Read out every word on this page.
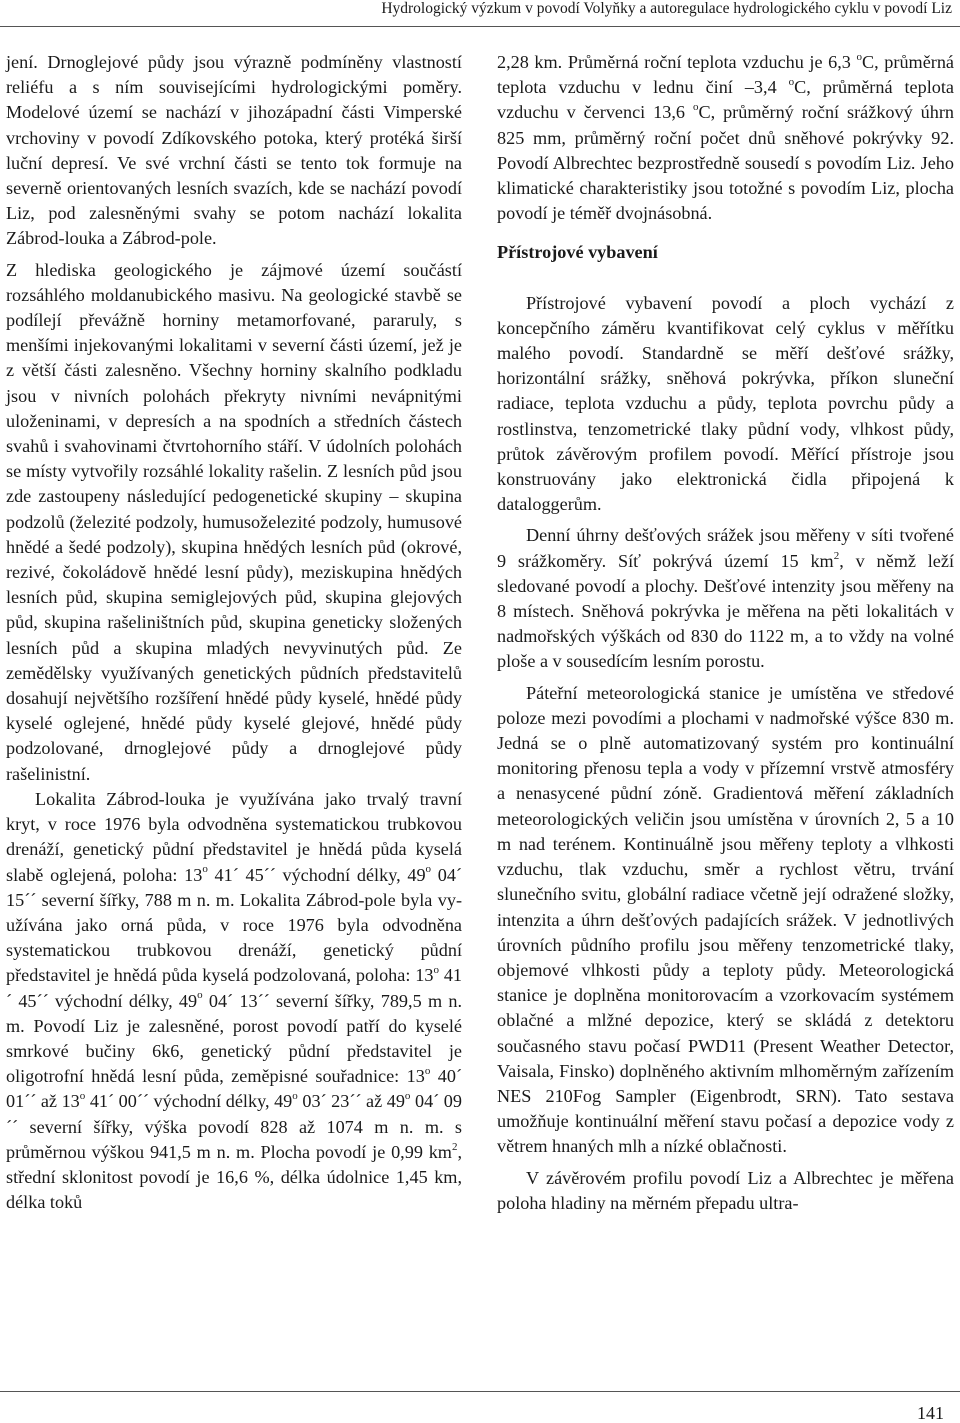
Hydrologický výzkum v povodí Volyňky a autoregulace hydrologického cyklu v povodí Liz

jení. Drnoglejové půdy jsou výrazně podmíněny vlastností reliéfu a s ním souvisejícími hydrologickými poměry. Modelové území se nachází v jihozápadní části Vimperské vrchoviny v povodí Zdíkovského potoka, který protéká širší luční depresí. Ve své vrchní části se tento tok formuje na severně orientovaných lesních svazích, kde se nachází povodí Liz, pod zalesněnými svahy se potom nachází lokalita Zábrod-louka a Zábrod-pole.

Z hlediska geologického je zájmové území součástí rozsáhlého moldanubického masivu. Na geologické stavbě se podílejí převážně horniny metamorfované, pararuly, s menšími injekovanými lokalitami v severní části území, jež je z větší části zalesněno. Všechny horniny skalního podkladu jsou v nivních polohách překryty nivními nevápnitými uloženinami, v depresích a na spodních a středních částech svahů i svahovinami čtvrtohorního stáří. V údolních polohách se místy vytvořily rozsáhlé lokality rašelin. Z lesních půd jsou zde zastoupeny následující pedogenetické skupiny – skupina podzolů (železité podzoly, humusoželezité podzoly, humusové hnědé a šedé podzoly), skupina hnědých lesních půd (okrové, rezivé, čokoládově hnědé lesní půdy), meziskupina hnědých lesních půd, skupina semiglejových půd, skupina glejových půd, skupina rašeliništních půd, skupina geneticky složených lesních půd a skupina mladých nevyvinutých půd. Ze zemědělsky využívaných genetických půdních představitelů dosahují největšího rozšíření hnědé půdy kyselé, hnědé půdy kyselé oglejené, hnědé půdy kyselé glejové, hnědé půdy podzolované, drnoglejové půdy a drnoglejové půdy rašelinistní.

Lokalita Zábrod-louka je využívána jako trvalý travní kryt, v roce 1976 byla odvodněna systematickou trubkovou drenáží, genetický půdní představitel je hnědá půda kyselá slabě oglejená, poloha: 13$^o$ 41´ 45´´ východní délky, 49$^o$ 04´ 15´´ severní šířky, 788 m n. m. Lokalita Zábrod-pole byla využívána jako orná půda, v roce 1976 byla odvodněna systematickou trubkovou drenáží, genetický půdní představitel je hnědá půda kyselá podzolovaná, poloha: 13$^o$ 41´ 45´´ východní délky, 49$^o$ 04´ 13´´ severní šířky, 789,5 m n. m. Povodí Liz je zalesněné, porost povodí patří do kyselé smrkové bučiny 6k6, genetický půdní představitel je oligotrofní hnědá lesní půda, zeměpisné souřadnice: 13$^o$ 40´ 01´´ až 13$^o$ 41´ 00´´ východní délky, 49$^o$ 03´ 23´´ až 49$^o$ 04´ 09´´ severní šířky, výška povodí 828 až 1074 m n. m. s průměrnou výškou 941,5 m n. m. Plocha povodí je 0,99 $km^2$, střední sklonitost povodí je 16,6 %, délka údolnice 1,45 km, délka toků

2,28 km. Průměrná roční teplota vzduchu je 6,3 $^o$C, průměrná teplota vzduchu v lednu činí –3,4 $^o$C, průměrná teplota vzduchu v červenci 13,6 $^o$C, průměrný roční srážkový úhrn 825 mm, průměrný roční počet dnů sněhové pokrývky 92. Povodí Albrechtec bezprostředně sousedí s povodím Liz. Jeho klimatické charakteristiky jsou totožné s povodím Liz, plocha povodí je téměř dvojnásobná.

Přístrojové vybavení

Přístrojové vybavení povodí a ploch vychází z koncepčního záměru kvantifikovat celý cyklus v měřítku malého povodí. Standardně se měří dešťové srážky, horizontální srážky, sněhová pokrývka, příkon sluneční radiace, teplota vzduchu a půdy, teplota povrchu půdy a rostlinstva, tenzometrické tlaky půdní vody, vlhkost půdy, průtok závěrovým profilem povodí. Měřící přístroje jsou konstruovány jako elektronická čidla připojená k dataloggerům.

Denní úhrny dešťových srážek jsou měřeny v síti tvořené 9 srážkoměry. Síť pokrývá území 15 $km^2$, v němž leží sledované povodí a plochy. Dešťové intenzity jsou měřeny na 8 místech. Sněhová pokrývka je měřena na pěti lokalitách v nadmořských výškách od 830 do 1122 m, a to vždy na volné ploše a v sousedícím lesním porostu.

Páteřní meteorologická stanice je umístěna ve středové poloze mezi povodími a plochami v nadmořské výšce 830 m. Jedná se o plně automatizovaný systém pro kontinuální monitoring přenosu tepla a vody v přízemní vrstvě atmosféry a nenasycené půdní zóně. Gradientová měření základních meteorologických veličin jsou umístěna v úrovních 2, 5 a 10 m nad terénem. Kontinuálně jsou měřeny teploty a vlhkosti vzduchu, tlak vzduchu, směr a rychlost větru, trvání slunečního svitu, globální radiace včetně její odražené složky, intenzita a úhrn dešťových padajících srážek. V jednotlivých úrovních půdního profilu jsou měřeny tenzometrické tlaky, objemové vlhkosti půdy a teploty půdy. Meteorologická stanice je doplněna monitorovacím a vzorkovacím systémem oblačné a mlžné depozice, který se skládá z detektoru současného stavu počasí PWD11 (Present Weather Detector, Vaisala, Finsko) doplněného aktivním mlhoměrným zařízením NES 210Fog Sampler (Eigenbrodt, SRN). Tato sestava umožňuje kontinuální měření stavu počasí a depozice vody z větrem hnaných mlh a nízké oblačnosti.

V závěrovém profilu povodí Liz a Albrechtec je měřena poloha hladiny na měrném přepadu ultra-

141
